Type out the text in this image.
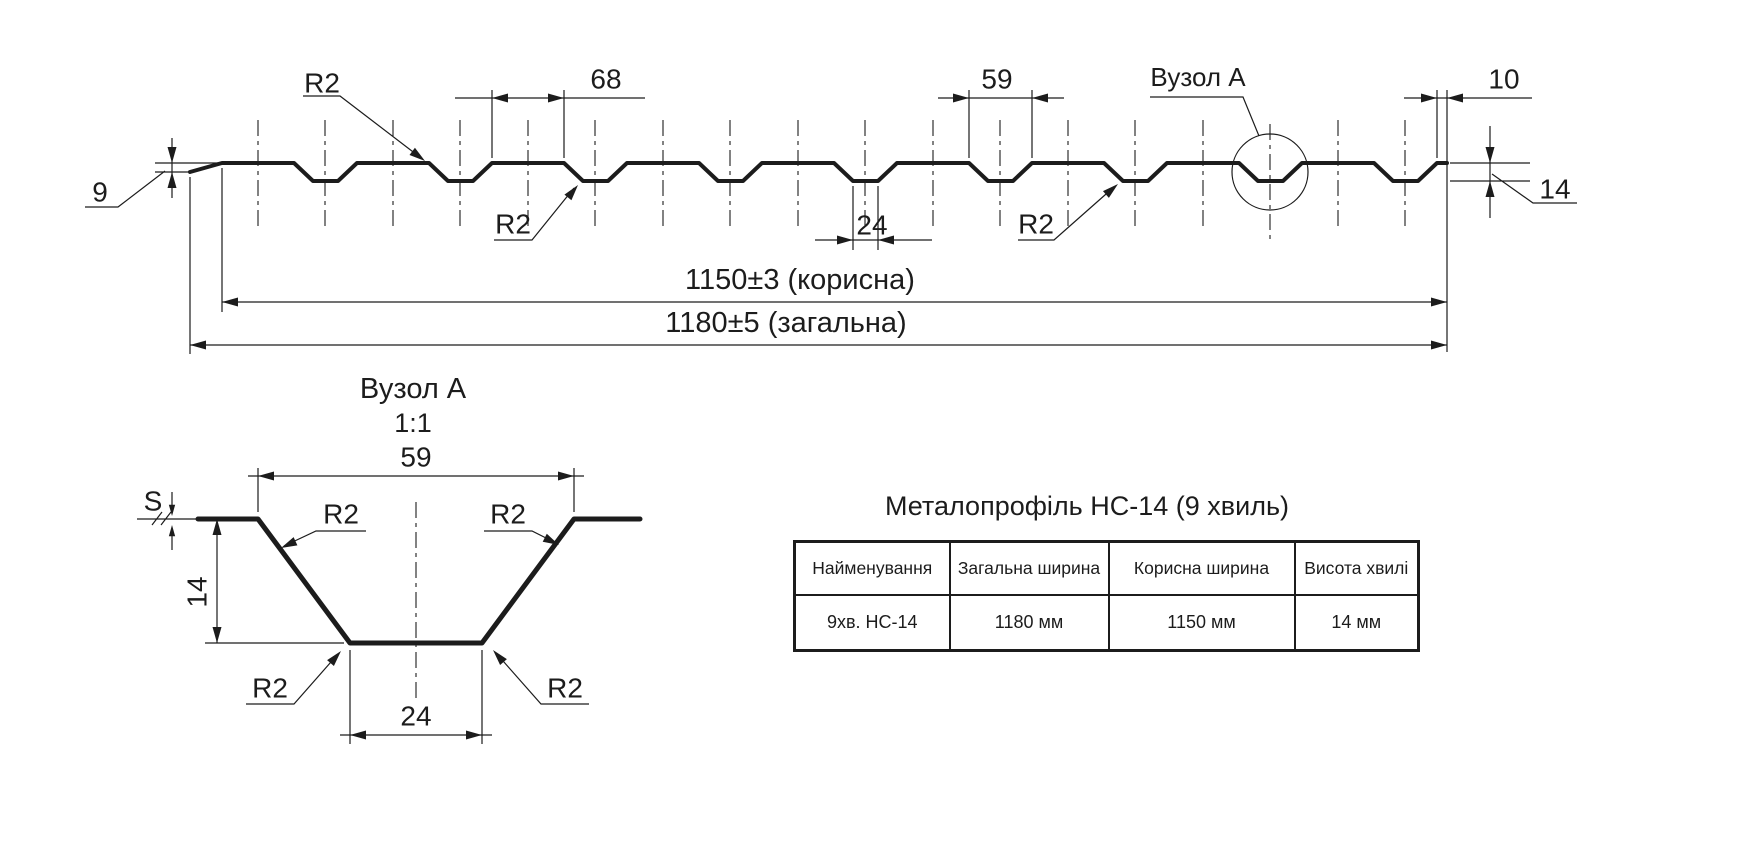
Вузол A
9
68	59	10
14
24
R2
R2	R2
1150±3 (корисна)
1180±5 (загальна)
Вузол A
1:1
59
S
14
24
R2	R2
R2	R2
Металопрофіль НС-14 (9 хвиль)
Найменування	Загальна ширина	Корисна ширина	Висота хвилі
9хв. НС-14	1180 мм	1150 мм	14 мм
